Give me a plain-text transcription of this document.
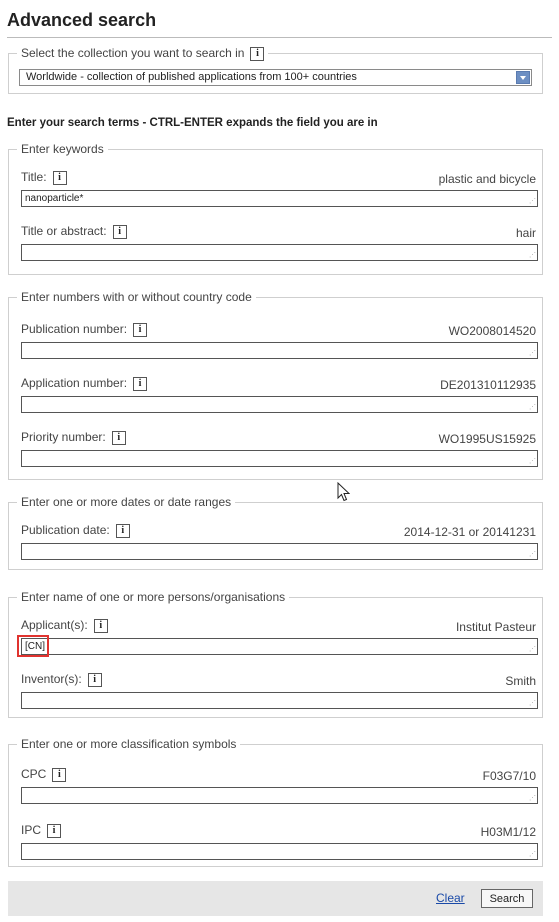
Advanced search
Select the collection you want to search in i
Worldwide - collection of published applications from 100+ countries
Enter your search terms - CTRL-ENTER expands the field you are in
Enter keywords
Title: i	plastic and bicycle
nanoparticle*	⋰
Title or abstract: i	hair
⋰
Enter numbers with or without country code
Publication number: i	WO2008014520
⋰
Application number: i	DE201310112935
⋰
Priority number: i	WO1995US15925
⋰
Enter one or more dates or date ranges
Publication date: i	2014-12-31 or 20141231
⋰
Enter name of one or more persons/organisations
Applicant(s): i	Institut Pasteur
[CN]	⋰
Inventor(s): i	Smith
⋰
Enter one or more classification symbols
CPC i	F03G7/10
⋰
IPC i	H03M1/12
⋰
Clear	Search
